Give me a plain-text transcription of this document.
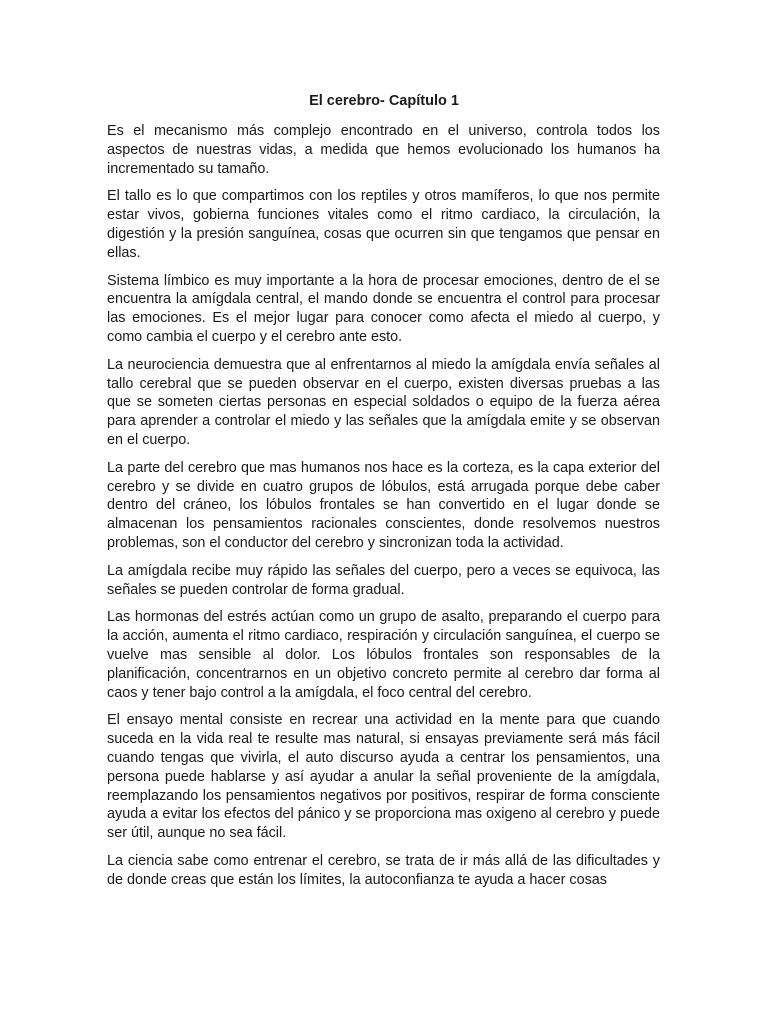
El cerebro- Capítulo 1

Es el mecanismo más complejo encontrado en el universo, controla todos los aspectos de nuestras vidas, a medida que hemos evolucionado los humanos ha incrementado su tamaño.

El tallo es lo que compartimos con los reptiles y otros mamíferos, lo que nos permite estar vivos, gobierna funciones vitales como el ritmo cardiaco, la circulación, la digestión y la presión sanguínea, cosas que ocurren sin que tengamos que pensar en ellas.

Sistema límbico es muy importante a la hora de procesar emociones, dentro de el se encuentra la amígdala central, el mando donde se encuentra el control para procesar las emociones. Es el mejor lugar para conocer como afecta el miedo al cuerpo, y como cambia el cuerpo y el cerebro ante esto.

La neurociencia demuestra que al enfrentarnos al miedo la amígdala envía señales al tallo cerebral que se pueden observar en el cuerpo, existen diversas pruebas a las que se someten ciertas personas en especial soldados o equipo de la fuerza aérea para aprender a controlar el miedo y las señales que la amígdala emite y se observan en el cuerpo.

La parte del cerebro que mas humanos nos hace es la corteza, es la capa exterior del cerebro y se divide en cuatro grupos de lóbulos, está arrugada porque debe caber dentro del cráneo, los lóbulos frontales se han convertido en el lugar donde se almacenan los pensamientos racionales conscientes, donde resolvemos nuestros problemas, son el conductor del cerebro y sincronizan toda la actividad.

La amígdala recibe muy rápido las señales del cuerpo, pero a veces se equivoca, las señales se pueden controlar de forma gradual.

Las hormonas del estrés actúan como un grupo de asalto, preparando el cuerpo para la acción, aumenta el ritmo cardiaco, respiración y circulación sanguínea, el cuerpo se vuelve mas sensible al dolor. Los lóbulos frontales son responsables de la planificación, concentrarnos en un objetivo concreto permite al cerebro dar forma al caos y tener bajo control a la amígdala, el foco central del cerebro.

El ensayo mental consiste en recrear una actividad en la mente para que cuando suceda en la vida real te resulte mas natural, si ensayas previamente será más fácil cuando tengas que vivirla, el auto discurso ayuda a centrar los pensamientos, una persona puede hablarse y así ayudar a anular la señal proveniente de la amígdala, reemplazando los pensamientos negativos por positivos, respirar de forma consciente ayuda a evitar los efectos del pánico y se proporciona mas oxigeno al cerebro y puede ser útil, aunque no sea fácil.

La ciencia sabe como entrenar el cerebro, se trata de ir más allá de las dificultades y de donde creas que están los límites, la autoconfianza te ayuda a hacer cosas
